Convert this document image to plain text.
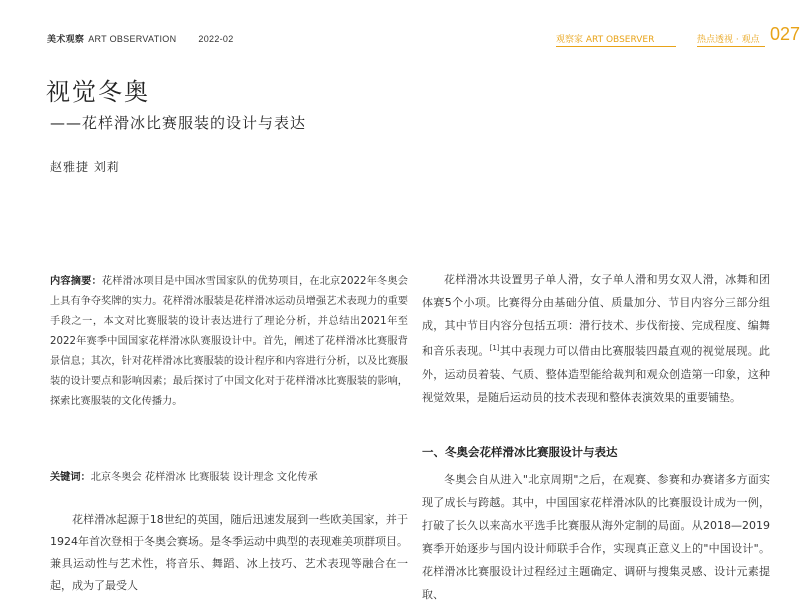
美术观察 ART OBSERVATION 2022-02	观察家 ART OBSERVER	热点透视 · 观点 027
视觉冬奥
——花样滑冰比赛服装的设计与表达
赵雅捷 刘莉
内容摘要：花样滑冰项目是中国冰雪国家队的优势项目，在北京2022年冬奥会上具有争夺奖牌的实力。花样滑冰服装是花样滑冰运动员增强艺术表现力的重要手段之一，本文对比赛服装的设计表达进行了理论分析，并总结出2021年至2022年赛季中国国家花样滑冰队赛服设计中。首先，阐述了花样滑冰比赛服背景信息；其次，针对花样滑冰比赛服装的设计程序和内容进行分析，以及比赛服装的设计要点和影响因素；最后探讨了中国文化对于花样滑冰比赛服装的影响，探索比赛服装的文化传播力。
关键词：北京冬奥会 花样滑冰 比赛服装 设计理念 文化传承
花样滑冰起源于18世纪的英国，随后迅速发展到一些欧美国家，并于1924年首次登相于冬奥会赛场。是冬季运动中典型的表现难美项群项目。兼具运动性与艺术性，将音乐、舞蹈、冰上技巧、艺术表现等融合在一起，成为了最受人
花样滑冰共设置男子单人滑，女子单人滑和男女双人滑，冰舞和团体赛5个小项。比赛得分由基础分值、质量加分、节目内容分三部分组成，其中节目内容分包括五项：滑行技术、步伐衔接、完成程度、编舞和音乐表现。[1]其中表现力可以借由比赛服装四最直观的视觉展现。此外，运动员着装、气质、整体造型能给裁判和观众创造第一印象，这种视觉效果，是随后运动员的技术表现和整体表演效果的重要铺垫。
一、冬奥会花样滑冰比赛服设计与表达
冬奥会自从进入"北京周期"之后，在观赛、参赛和办赛诸多方面实现了成长与跨越。其中，中国国家花样滑冰队的比赛服设计成为一例，打破了长久以来高水平选手比赛服从海外定制的局面。从2018—2019赛季开始逐步与国内设计师联手合作，实现真正意义上的"中国设计"。花样滑冰比赛服设计过程经过主题确定、调研与搜集灵感、设计元素提取、
